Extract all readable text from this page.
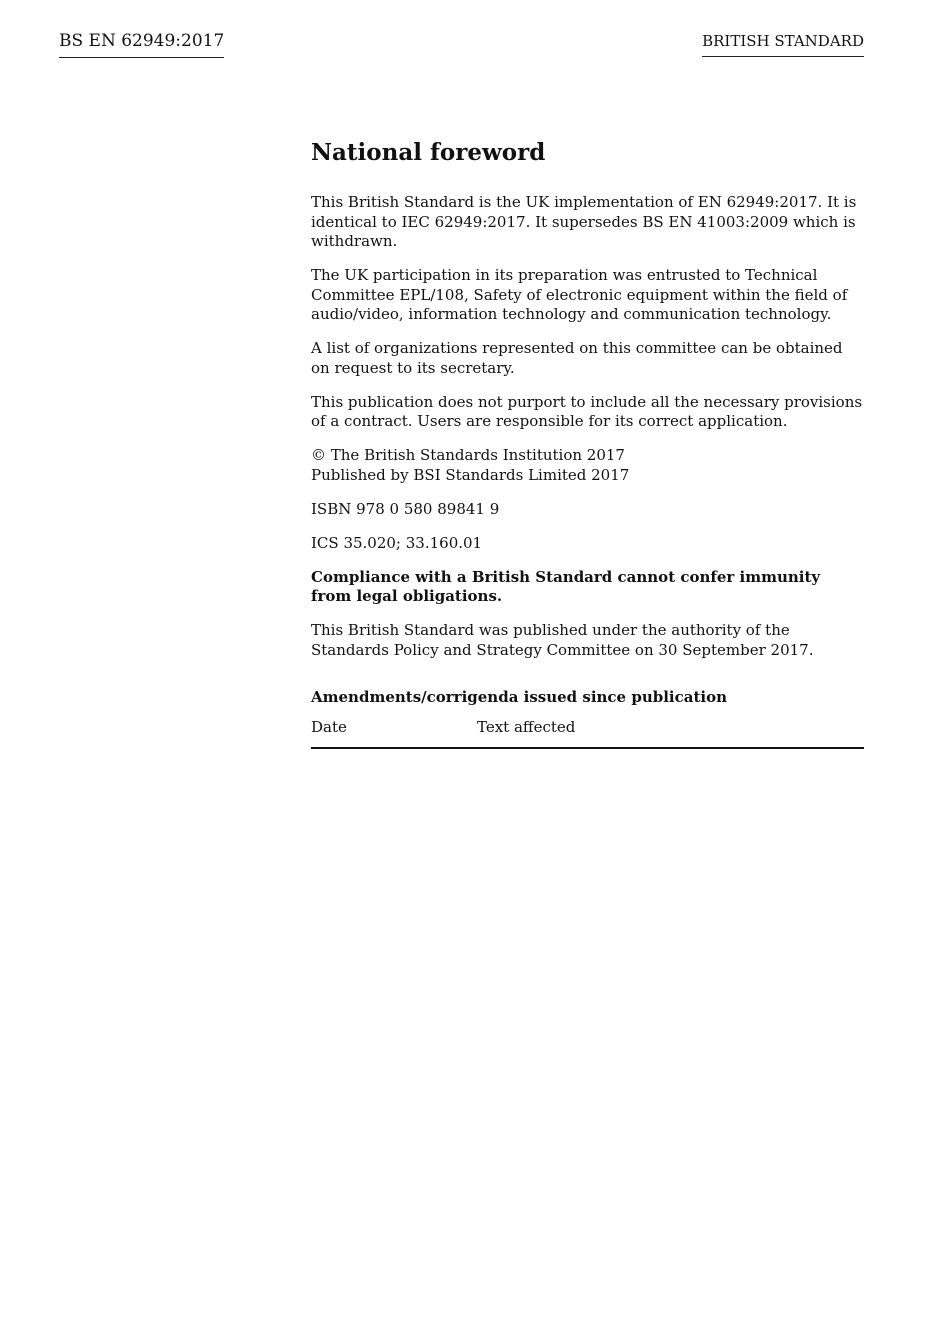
BS EN 62949:2017	BRITISH STANDARD
National foreword

This British Standard is the UK implementation of EN 62949:2017. It is identical to IEC 62949:2017. It supersedes BS EN 41003:2009 which is withdrawn.

The UK participation in its preparation was entrusted to Technical Committee EPL/108, Safety of electronic equipment within the field of audio/video, information technology and communication technology.

A list of organizations represented on this committee can be obtained on request to its secretary.

This publication does not purport to include all the necessary provisions of a contract. Users are responsible for its correct application.

© The British Standards Institution 2017
Published by BSI Standards Limited 2017

ISBN 978 0 580 89841 9

ICS 35.020; 33.160.01

Compliance with a British Standard cannot confer immunity from legal obligations.

This British Standard was published under the authority of the Standards Policy and Strategy Committee on 30 September 2017.

Amendments/corrigenda issued since publication
Date	Text affected
